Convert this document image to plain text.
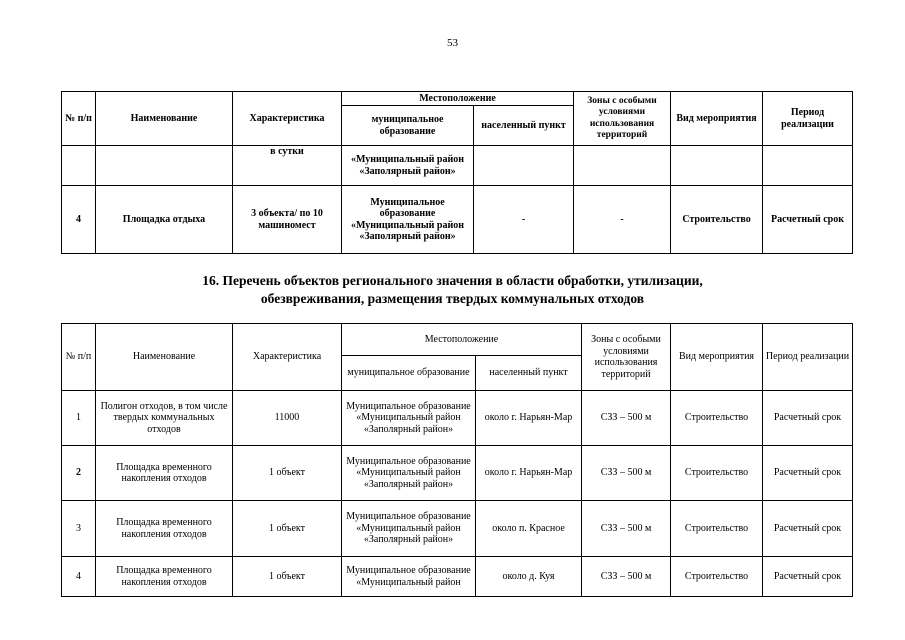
53
№ п/п	Наименование	Характеристика	Местоположение		Зоны с особыми условиями использования территорий	Вид мероприятия	Период реализации
			муниципальное образование	населенный пункт			
		в сутки	«Муниципальный район «Заполярный район»				
4	Площадка отдыха	3 объекта/ по 10 машиномест	Муниципальное образование «Муниципальный район «Заполярный район»	-	-	Строительство	Расчетный срок
16. Перечень объектов регионального значения в области обработки, утилизации,
обезвреживания, размещения твердых коммунальных отходов
№ п/п	Наименование	Характеристика	Местоположение		Зоны с особыми условиями использования территорий	Вид мероприятия	Период реализации
			муниципальное образование	населенный пункт			
1	Полигон отходов, в том числе твердых коммунальных отходов	11000	Муниципальное образование «Муниципальный район «Заполярный район»	около г. Нарьян-Мар	СЗЗ – 500 м	Строительство	Расчетный срок
2	Площадка временного накопления отходов	1 объект	Муниципальное образование «Муниципальный район «Заполярный район»	около г. Нарьян-Мар	СЗЗ – 500 м	Строительство	Расчетный срок
3	Площадка временного накопления отходов	1 объект	Муниципальное образование «Муниципальный район «Заполярный район»	около п. Красное	СЗЗ – 500 м	Строительство	Расчетный срок
4	Площадка временного накопления отходов	1 объект	Муниципальное образование «Муниципальный район	около д. Куя	СЗЗ – 500 м	Строительство	Расчетный срок
